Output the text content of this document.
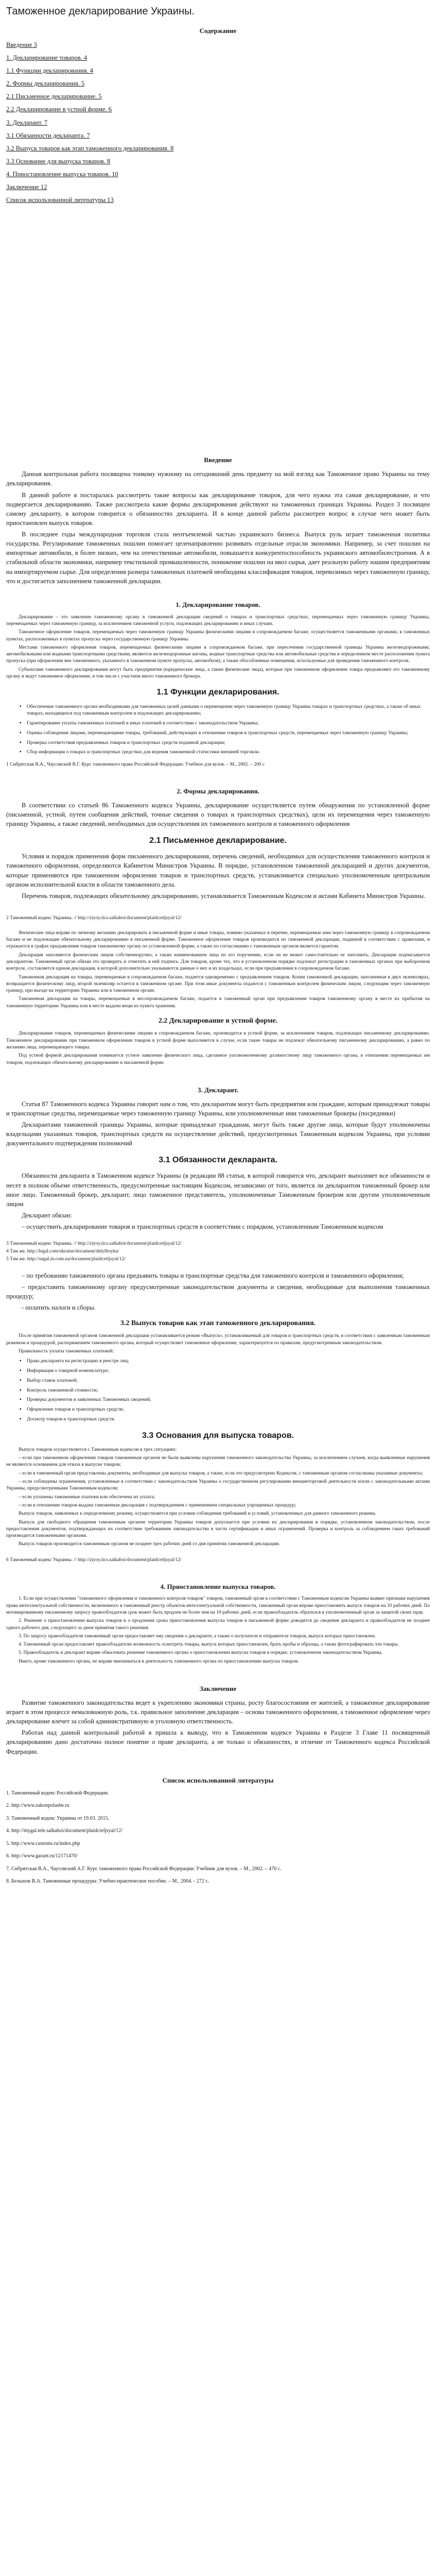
Таможенное декларирование Украины.
Содержание

Введение 3

1. Декларирование товаров. 4

1.1 Функции декларирования. 4

2. Формы декларирования. 5

2.1 Письменное декларирование. 5

2.2 Декларирование в устной форме. 6

3. Декларант. 7

3.1 Обязанности декларанта. 7

3.2 Выпуск товаров как этап таможенного декларирования. 8

3.3 Основание для выпуска товаров. 8

4. Приостановление выпуска товаров. 10

Заключение 12

Список использованной литературы 13

Введение

Данная контрольная работа посвящена тонкому нужному на сегодняшний день предмету на мой взгляд как Таможенное право Украины на тему декларирования.

В данной работе я постаралась рассмотреть такие вопросы как декларирование товаров, для чего нужна эта самая декларирование, и что подвергается декларированию. Также рассмотрела какие формы декларирования действуют на таможенных границах Украины. Раздел 3 посвящен самому декларанту, в котором говорится о обязанностях декларанта. И в конце данной работы рассмотрен вопрос в случае чего может быть приостановлен выпуск товаров.

В последнее годы международная торговля стала неотъемлемой частью украинского бизнеса. Выпуск руль играет таможенная политика государства. Регулирование таможенных пошлин помогает целенаправленно развивать отдельные отрасли экономики. Например, за счет пошлин на импортные автомобили, в более низких, чем на отечественные автомобили, повышается конкурентоспособность украинского автомобилестроения. А в стабильной области экономики, например текстильной промышленности, понижение пошлин на ввоз сырья, дает реальную работу нашим предприятиям на импортируемом сырье. Для определения размера таможенных платежей необходима классификация товаров, перевозимых через таможенную границу, что и достигается заполнением таможенной декларации.

1. Декларирование товаров.

Декларирование – это заявление таможенному органу в таможенной декларации сведений о товарах и транспортных средствах, перемещаемых через таможенную границу Украины, перемещаемых через таможенную границу, за исключением таможенной услуги, подлежащих декларированию и иных случаях.

Таможенное оформление товаров, перемещаемых через таможенную границу Украины физическими лицами в сопровождаемом багаже, осуществляется таможенными органами, в таможенных пунктах, расположенных в пунктах пропуска через государственную границу Украины.

Местами таможенного оформления товаров, перемещаемых физическими лицами в сопровождаемом багаже, при пересечении государственной границы Украины железнодорожными, автомобильными или водными транспортными средствами, являются железнодорожные вагоны, водные транспортные средства или автомобильные средства в определенном месте расположения пункта пропуска (при оформлении вне таможенного, указанного в таможенном пункте пропуска, автомобиля), а также обособленные помещения, используемые для проведения таможенного контроля.

Субъектами таможенного декларирования могут быть предприятия (юридические лица, а также физические лица), которые при таможенном оформлении товара предъявляют его таможенному органу и ведут таможенное оформление, в том числе с участием иного таможенного брокера.

1.1 Функции декларирования.
▪ Обеспечение таможенного органа необходимыми для таможенных целей данными о перемещении через таможенную границу Украины товарах и транспортных средствах, а также об иных товарах, находящихся под таможенным контролем и подлежащих декларированию;
▪ Гарантирование уплаты таможенных платежей и иных платежей в соответствии с законодательством Украины;
▪ Оценка соблюдения лицами, перемещающими товары, требований, действующих в отношении товаров и транспортных средств, перемещаемых через таможенную границу Украины;
▪ Проверка соответствия предъявленных товаров и транспортных средств поданной декларации;
▪ Сбор информации о товарах и транспортных средствах для ведения таможенной статистики внешней торговли.

1 Сибрятская В.А., Чаусовский В.Г. Курс таможенного права Российской Федерации: Учебное для вузов. – М., 2002. – 200 с

2. Формы декларирования.

В соответствии со статьей 86 Таможенного кодекса Украины, декларирование осуществляется путем обнаружения по установленной форме (письменной, устной, путем сообщения действий, точные сведения о товарах и транспортных средствах), цели их перемещения через таможенную границу Украины, а также сведений, необходимых для осуществления их таможенного контроля и таможенного оформления

2.1 Письменное декларирование.

Условия и порядок применения форм письменного декларирования, перечень сведений, необходимых для осуществления таможенного контроля и таможенного оформления, определяются Кабинетом Министров Украины. В порядке, установленном таможенной декларацией и других документов, которые применяются при таможенном оформлении товаров и транспортных средств, устанавливается специально уполномоченным центральным органом исполнительной власти в области таможенного дела.

Перечень товаров, подлежащих обязательному декларированию, устанавливается Таможенным Кодексом и актами Кабинета Министров Украины.

2 Таможенный кодекс Украины. // http://ziyoy.tics.salkaboi/document/plaidcreljsyal/12/

Физические лица вправе по личному желанию декларировать в письменной форме и иные товары, помимо указанных в перечне, перемещаемые ими через таможенную границу в сопровождаемом багаже и не подлежащие обязательному декларированию в письменной форме. Таможенное оформление товаров производится по таможенной декларации, поданной в соответствии с правилами, и отражается в графах предъявления товаров таможенному органу по установленной форме, а также по согласованию с таможенным органом является гарантом.

Декларация заполняется физическим лицом собственноручно, а также наименованием лица по его поручению, если он не может самостоятельно ее заполнить. Декларация подписывается декларантом. Таможенный орган обязан это проверить и отметить в ней подпись. Для товаров, кроме тех, что в установленном порядке подлежат регистрации в таможенных органах при выборочном контроле, составляется единая декларация, в которой дополнительно указываются данные о них и их владельцах, если при предъявлении в сопровождаемом багаже.

Таможенная декларация на товары, перемещаемые в сопровождаемом багаже, подается одновременно с предъявлением товаров. Копия таможенной декларации, заполненная в двух экземплярах, возвращается физическому лицу, второй экземпляр остается в таможенном органе. При этом иные документы подаются с таможенным контролем физическим лицом, следующим через таможенную границу, при въезде на территорию Украины или в таможенном органе.

Таможенная декларация на товары, перемещаемые в несопровождаемом багаже, подается в таможенный орган при предъявлении товаров таможенному органу в месте их прибытия на таможенную территорию Украины или в месте выдачи вещи из пункта хранения.

2.2 Декларирование в устной форме.

Декларирование товаров, перемещаемых физическими лицами в сопровождаемом багаже, производится в устной форме, за исключением товаров, подлежащих письменному декларированию. Таможенное декларирование при таможенном оформлении товаров в устной форме выполняется в случае, если такие товары не подлежат обязательному письменному декларированию, а равно по желанию лица, перемещающего товары.

Под устной формой декларирования понимается устное заявление физического лица, сделанное уполномоченному должностному лицу таможенного органа, в отношении перемещаемых им товаров, подлежащих обязательному декларированию в письменной форме.

3. Декларант.

Статья 87 Таможенного кодекса Украины говорит нам о том, что декларантом могут быть предприятия или граждане, которым принадлежат товары и транспортные средства, перемещаемые через таможенную границу Украины, или уполномоченные ими таможенные брокеры (посредники)

Декларантами таможенной границы Украины, которые принадлежат гражданам, могут быть также другие лица, которые будут уполномочены владельцами указанных товаров, транспортных средств на осуществление действий, предусмотренных Таможенным кодексом Украины, при условии документального подтверждения полномочий

3.1 Обязанности декларанта.

Обязанности декларанта в Таможенном кодексе Украины (в редакции 88 статьи, в которой говорится что, декларант выполняет все обязанности и несет в полном объеме ответственность, предусмотренные настоящим Кодексом, независимо от того, является ли декларантом таможенный брокер или иное лицо. Таможенный брокер, декларант, лицо таможенное представитель, уполномоченные Таможенным брокером или другим уполномоченным лицом

Декларант обязан:

– осуществить декларирование товаров и транспортных средств в соответствии с порядком, установленным Таможенным кодексом

3 Таможенный кодекс Украины. // http://ziyoy.tics.salkaboi/document/plaidcreljsyal/12/

4 Там же. http://legal.com/ukraine/document/delylboyka/

5 Там же. http://sngal.in.com.ua/document/plaidcreljsyal/12/

– по требованию таможенного органа предъявить товары и транспортные средства для таможенного контроля и таможенного оформления;

– предоставить таможенному органу предусмотренные законодательством документы и сведения, необходимые для выполнения таможенных процедур;

- оплатить налоги и сборы.

3.2 Выпуск товаров как этап таможенного декларирования.

После принятия таможенной органом таможенной декларации устанавливается режим «Выпуск», устанавливаемый для товаров и транспортных средств, в соответствии с заявленным таможенным режимом и процедурой, распоряжением таможенного органа, который осуществляет таможенное оформление, характеризуется по правилам, предусмотренным законодательством.

Правильность уплаты таможенных платежей:

▪ Права декларанта на регистрацию в реестре лиц;
▪ Информация о товарной номенклатуре;
▪ Выбор ставок платежей;
▪ Контроль таможенной стоимости;
▪ Проверка документов и заявленных Таможенных сведений;
▪ Оформление товаров и транспортных средств;
▪ Досмотр товаров и транспортных средств.
3.3 Основания для выпуска товаров.

Выпуск товаров осуществляется с Таможенным кодексом в трех ситуациях:

– если при таможенном оформлении товаров таможенным органом не были выявлены нарушения таможенного законодательства Украины, за исключением случаев, когда выявленные нарушения не являются основанием для отказа в выпуске товаров;

– если в таможенный орган представлены документы, необходимые для выпуска товаров, а также, если это предусмотрено Кодексом, с таможенным органом согласованы указанные документы;

– если соблюдены ограничения, установленные в соответствии с законодательством Украины о государственном регулировании внешнеторговой деятельности и/или с законодательными актами Украины, предусмотренными Таможенным кодексом;

– если уплачены таможенные платежи или обеспечена их уплата;

– если в отношении товаров выдана таможенная декларация с подтверждением с применением специальных упрощенных процедур;

Выпуск товаров, заявленных к определенному режиму, осуществляется при условии соблюдения требований и условий, установленных для данного таможенного режима.

Выпуск для свободного обращения таможенным органом территории Украины товаров допускается при условии их декларирования в порядке, установленном законодательством, после предоставления документов, подтверждающих их соответствие требованиям законодательства в части сертификации и иных ограничений. Проверка и контроль за соблюдением таких требований производится таможенными органами.

Выпуск товаров производится таможенным органом не позднее трех рабочих дней со дня принятия таможенной декларации.

6 Таможенный кодекс Украины. // http://ziyoy.tics.salkaboi/document/plaidcreljsyal/12/

4. Приостановление выпуска товаров.

1. Если при осуществлении "таможенного оформления и таможенного контроля товаров" товаров, таможенный орган в соответствии с Таможенным кодексом Украины выявит признаки нарушения права интеллектуальной собственности, включенного в таможенный реестр объектов интеллектуальной собственности, таможенный орган вправе приостановить выпуск товаров на 10 рабочих дней. По мотивированному письменному запросу правообладателя срок может быть продлен не более чем на 10 рабочих дней, если правообладатель обратился в уполномоченный орган за защитой своих прав.

2. Решение о приостановлении выпуска товаров и о продлении срока приостановления выпуска товаров в письменной форме доводится до сведения декларанта и правообладателя не позднее одного рабочего дня, следующего за днем принятия такого решения.

3. По запросу правообладателя таможенный орган предоставляет ему сведения о декларанте, а также о получателе и отправителе товаров, выпуск которых приостановлен.

4. Таможенный орган предоставляет правообладателю возможность осмотреть товары, выпуск которых приостановлен, брать пробы и образцы, а также фотографировать эти товары.

5. Правообладатель и декларант вправе обжаловать решение таможенного органа о приостановлении выпуска товаров в порядке, установленном законодательством Украины.

Никто, кроме таможенного органа, не вправе вмешиваться в деятельность таможенного органа по приостановлению выпуска товаров.

Заключение

Развитие таможенного законодательства ведет к укреплению экономики страны, росту благосостояния ее жителей, а таможенное декларирование играет в этом процессе немаловажную роль, т.к. правильное заполнение декларации – основа таможенного оформления, а таможенное оформление через декларирование влечет за собой административную и уголовную ответственность.

Работая над данной контрольной работой я пришла к выводу, что в Таможенном кодексе Украины в Разделе 3 Главе 11 посвященный декларированию дано достаточно полное понятие о праве декларанта, а не только о обязанностях, в отличие от Таможенного кодекса Российской Федерации.

Список использованной литературы

1. Таможенный кодекс Российской Федерации.

2. http://www.zakonpolashe.ru

3. Таможенный кодекс Украины от 19.03. 2015.

4. http://mygal.tele.salkaboi/document/plaidcreljsyal/12/

5. http://www.customs.ru/index.php

6. http://www.garant.ru/12171470/

7. Сибрятская В.А., Чаусовский А.Г. Курс таможенного права Российской Федерации: Учебник для вузов. – М., 2002. – 470 с.

8. Бельшов В.А. Таможенные процедуры: Учебно-практическое пособие. – М., 2004. - 272 с.
